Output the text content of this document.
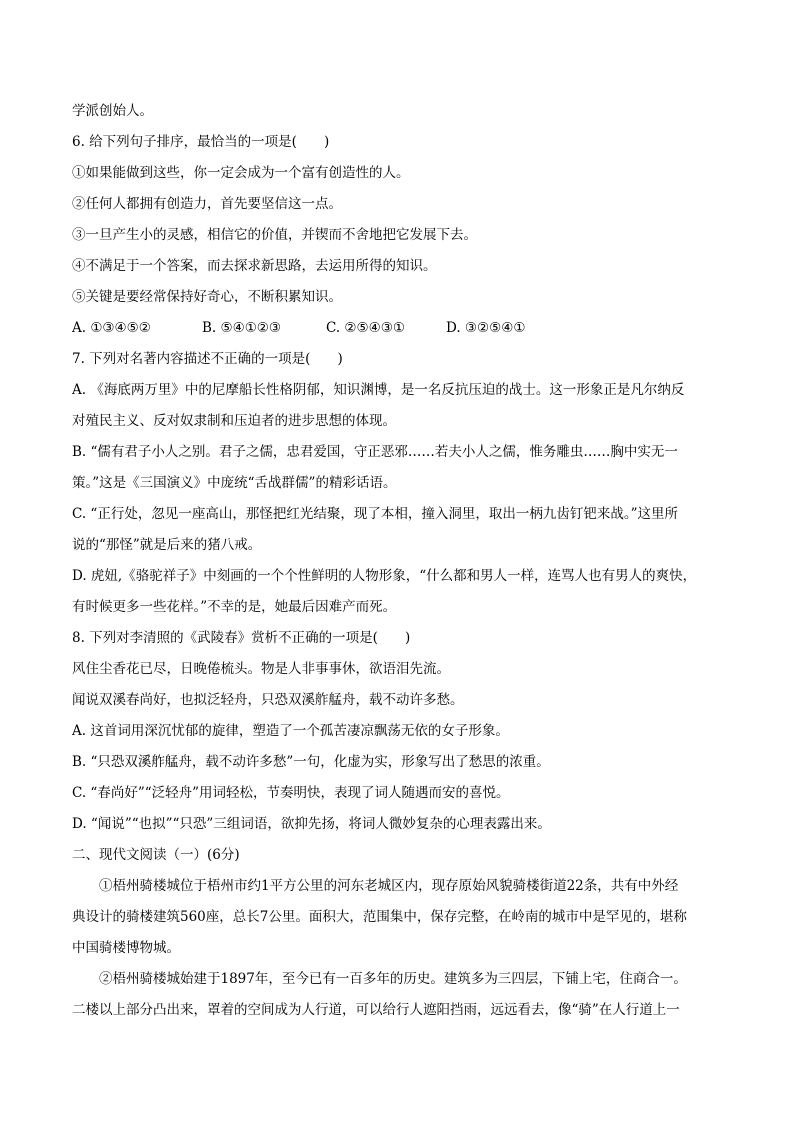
学派创始人。
6. 给下列句子排序，最恰当的一项是(　　)
①如果能做到这些，你一定会成为一个富有创造性的人。
②任何人都拥有创造力，首先要坚信这一点。
③一旦产生小的灵感，相信它的价值，并锲而不舍地把它发展下去。
④不满足于一个答案，而去探求新思路，去运用所得的知识。
⑤关键是要经常保持好奇心，不断积累知识。
A. ①③④⑤②	B. ⑤④①②③	C. ②⑤④③①	D. ③②⑤④①
7. 下列对名著内容描述不正确的一项是(　　)
A. 《海底两万里》中的尼摩船长性格阴郁，知识渊博，是一名反抗压迫的战士。这一形象正是凡尔纳反
对殖民主义、反对奴隶制和压迫者的进步思想的体现。
B. “儒有君子小人之别。君子之儒，忠君爱国，守正恶邪……若夫小人之儒，惟务雕虫……胸中实无一
策。”这是《三国演义》中庞统“舌战群儒”的精彩话语。
C. “正行处，忽见一座高山，那怪把红光结聚，现了本相，撞入洞里，取出一柄九齿钉钯来战。”这里所
说的“那怪”就是后来的猪八戒。
D. 虎妞,《骆驼祥子》中刻画的一个个性鲜明的人物形象，“什么都和男人一样，连骂人也有男人的爽快，
有时候更多一些花样。”不幸的是，她最后因难产而死。
8. 下列对李清照的《武陵春》赏析不正确的一项是(　　)
风住尘香花已尽，日晚倦梳头。物是人非事事休，欲语泪先流。
闻说双溪春尚好，也拟泛轻舟，只恐双溪舴艋舟，载不动许多愁。
A. 这首词用深沉忧郁的旋律，塑造了一个孤苦凄凉飘荡无依的女子形象。
B. “只恐双溪舴艋舟，载不动许多愁”一句，化虚为实，形象写出了愁思的浓重。
C. “春尚好”“泛轻舟”用词轻松，节奏明快，表现了词人随遇而安的喜悦。
D. “闻说”“也拟”“只恐”三组词语，欲抑先扬，将词人微妙复杂的心理表露出来。
二、现代文阅读（一）(6分)
①梧州骑楼城位于梧州市约1平方公里的河东老城区内，现存原始风貌骑楼街道22条，共有中外经
典设计的骑楼建筑560座，总长7公里。面积大，范围集中，保存完整，在岭南的城市中是罕见的，堪称
中国骑楼博物城。
②梧州骑楼城始建于1897年，至今已有一百多年的历史。建筑多为三四层，下铺上宅，住商合一。
二楼以上部分凸出来，罩着的空间成为人行道，可以给行人遮阳挡雨，远远看去，像“骑”在人行道上一
